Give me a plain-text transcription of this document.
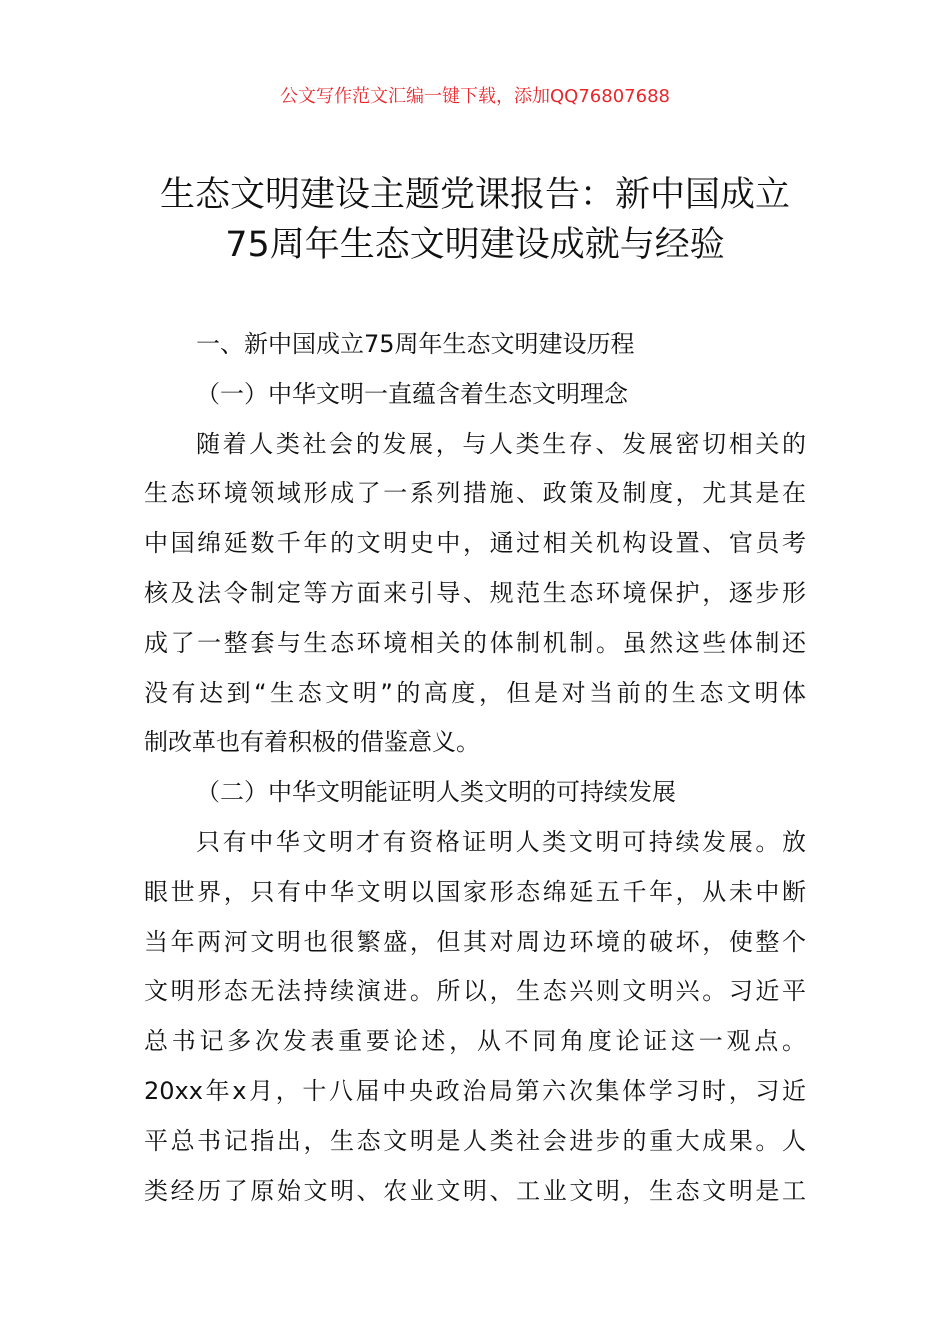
公文写作范文汇编一键下载，添加QQ76807688
生态文明建设主题党课报告：新中国成立
75周年生态文明建设成就与经验
一、新中国成立75周年生态文明建设历程
（一）中华文明一直蕴含着生态文明理念
随着人类社会的发展，与人类生存、发展密切相关的
生态环境领域形成了一系列措施、政策及制度，尤其是在
中国绵延数千年的文明史中，通过相关机构设置、官员考
核及法令制定等方面来引导、规范生态环境保护，逐步形
成了一整套与生态环境相关的体制机制。虽然这些体制还
没有达到“生态文明”的高度，但是对当前的生态文明体
制改革也有着积极的借鉴意义。
（二）中华文明能证明人类文明的可持续发展
只有中华文明才有资格证明人类文明可持续发展。放
眼世界，只有中华文明以国家形态绵延五千年，从未中断
当年两河文明也很繁盛，但其对周边环境的破坏，使整个
文明形态无法持续演进。所以，生态兴则文明兴。习近平
总书记多次发表重要论述，从不同角度论证这一观点。
20xx年x月，十八届中央政治局第六次集体学习时，习近
平总书记指出，生态文明是人类社会进步的重大成果。人
类经历了原始文明、农业文明、工业文明，生态文明是工
